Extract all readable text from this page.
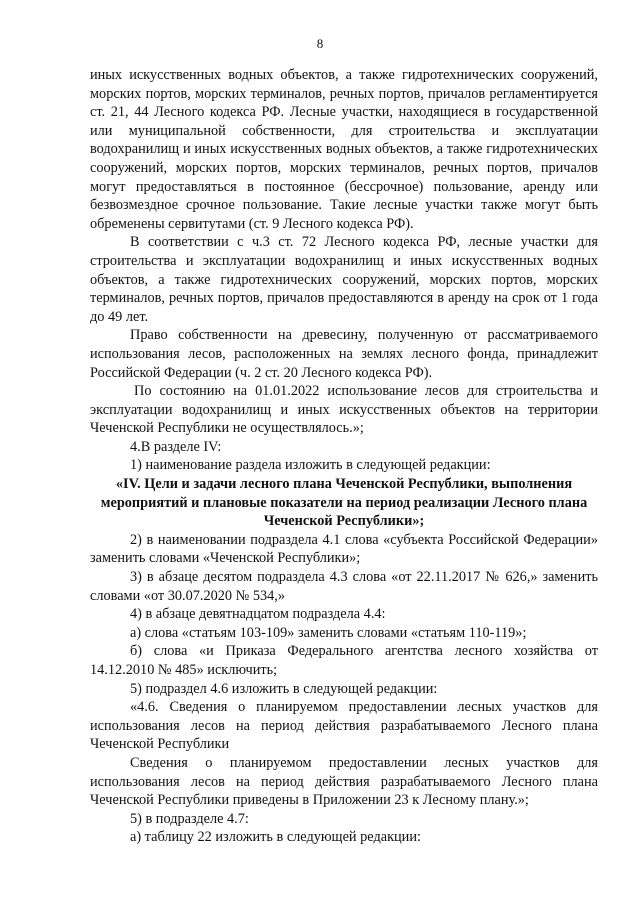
8

иных искусственных водных объектов, а также гидротехнических сооружений, морских портов, морских терминалов, речных портов, причалов регламентируется ст. 21, 44 Лесного кодекса РФ. Лесные участки, находящиеся в государственной или муниципальной собственности, для строительства и эксплуатации водохранилищ и иных искусственных водных объектов, а также гидротехнических сооружений, морских портов, морских терминалов, речных портов, причалов могут предоставляться в постоянное (бессрочное) пользование, аренду или безвозмездное срочное пользование. Такие лесные участки также могут быть обременены сервитутами (ст. 9 Лесного кодекса РФ).

В соответствии с ч.3 ст. 72 Лесного кодекса РФ, лесные участки для строительства и эксплуатации водохранилищ и иных искусственных водных объектов, а также гидротехнических сооружений, морских портов, морских терминалов, речных портов, причалов предоставляются в аренду на срок от 1 года до 49 лет.

Право собственности на древесину, полученную от рассматриваемого использования лесов, расположенных на землях лесного фонда, принадлежит Российской Федерации (ч. 2 ст. 20 Лесного кодекса РФ).

По состоянию на 01.01.2022 использование лесов для строительства и эксплуатации водохранилищ и иных искусственных объектов на территории Чеченской Республики не осуществлялось.»;

4.В разделе IV:

1) наименование раздела изложить в следующей редакции:

«IV. Цели и задачи лесного плана Чеченской Республики, выполнения мероприятий и плановые показатели на период реализации Лесного плана Чеченской Республики»;

2) в наименовании подраздела 4.1 слова «субъекта Российской Федерации» заменить словами «Чеченской Республики»;

3) в абзаце десятом подраздела 4.3 слова «от 22.11.2017 № 626,» заменить словами «от 30.07.2020 № 534,»

4) в абзаце девятнадцатом подраздела 4.4:

а) слова «статьям 103-109» заменить словами «статьям 110-119»;

б) слова «и Приказа Федерального агентства лесного хозяйства от 14.12.2010 № 485» исключить;

5) подраздел 4.6 изложить в следующей редакции:

«4.6. Сведения о планируемом предоставлении лесных участков для использования лесов на период действия разрабатываемого Лесного плана Чеченской Республики

Сведения о планируемом предоставлении лесных участков для использования лесов на период действия разрабатываемого Лесного плана Чеченской Республики приведены в Приложении 23 к Лесному плану.»;

5) в подразделе 4.7:

а) таблицу 22 изложить в следующей редакции:
